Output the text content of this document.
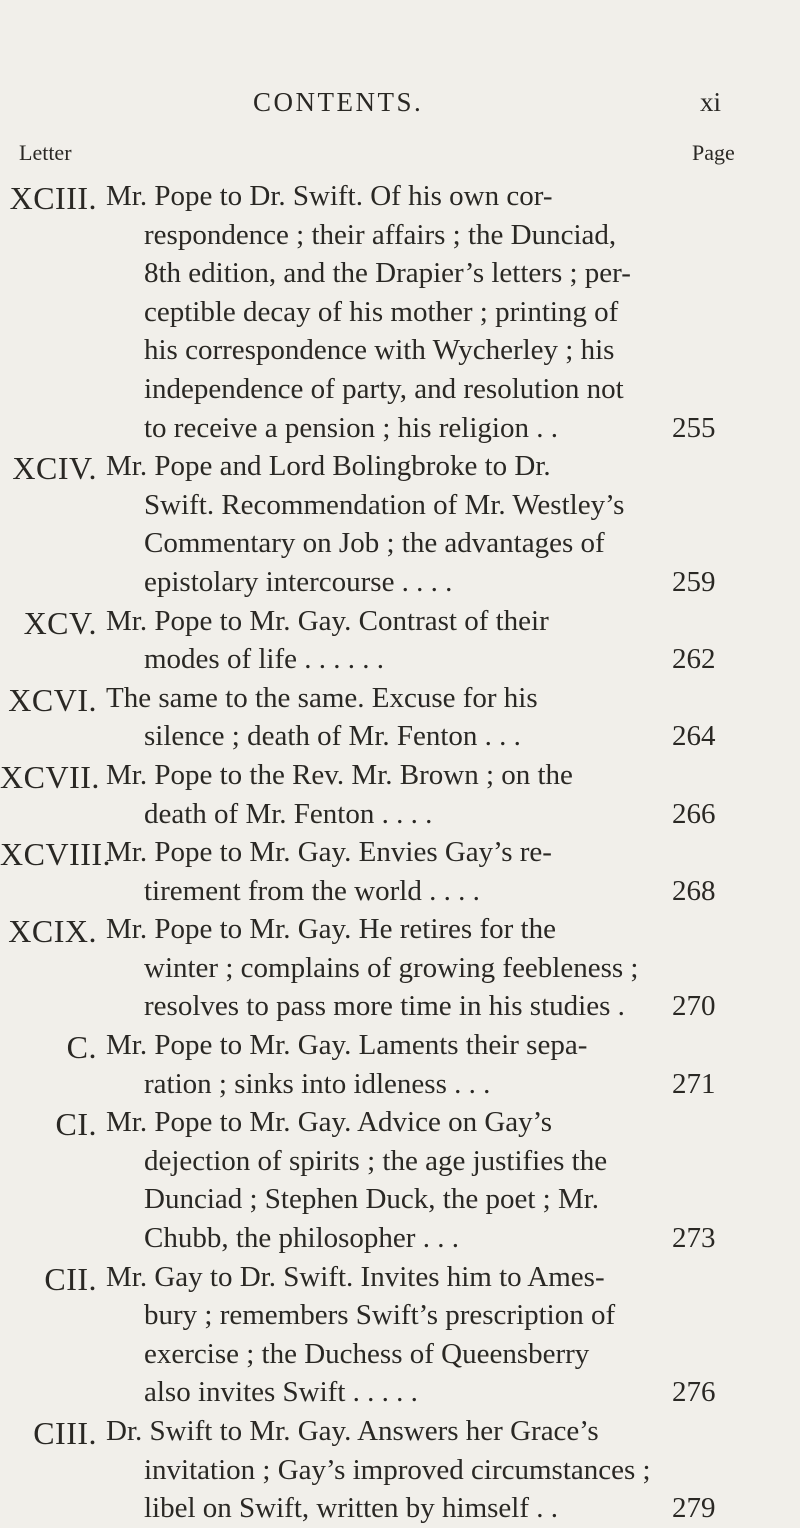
CONTENTS.	xi
Letter	Page
XCIII. Mr. Pope to Dr. Swift. Of his own cor-
respondence ; their affairs ; the Dunciad,
8th edition, and the Drapier’s letters ; per-
ceptible decay of his mother ; printing of
his correspondence with Wycherley ; his
independence of party, and resolution not
to receive a pension ; his religion . .	255
XCIV. Mr. Pope and Lord Bolingbroke to Dr.
Swift. Recommendation of Mr. Westley’s
Commentary on Job ; the advantages of
epistolary intercourse . . . .	259
XCV. Mr. Pope to Mr. Gay. Contrast of their
modes of life . . . . . .	262
XCVI. The same to the same. Excuse for his
silence ; death of Mr. Fenton . . .	264
XCVII. Mr. Pope to the Rev. Mr. Brown ; on the
death of Mr. Fenton . . . .	266
XCVIII.
Mr. Pope to Mr. Gay. Envies Gay’s re-
tirement from the world . . . .	268
XCIX. Mr. Pope to Mr. Gay. He retires for the
winter ; complains of growing feebleness ;
resolves to pass more time in his studies .	270
C. Mr. Pope to Mr. Gay. Laments their sepa-
ration ; sinks into idleness . . .	271
CI. Mr. Pope to Mr. Gay. Advice on Gay’s
dejection of spirits ; the age justifies the
Dunciad ; Stephen Duck, the poet ; Mr.
Chubb, the philosopher . . .	273
CII. Mr. Gay to Dr. Swift. Invites him to Ames-
bury ; remembers Swift’s prescription of
exercise ; the Duchess of Queensberry
also invites Swift . . . . .	276
CIII. Dr. Swift to Mr. Gay. Answers her Grace’s
invitation ; Gay’s improved circumstances ;
libel on Swift, written by himself . .	279
